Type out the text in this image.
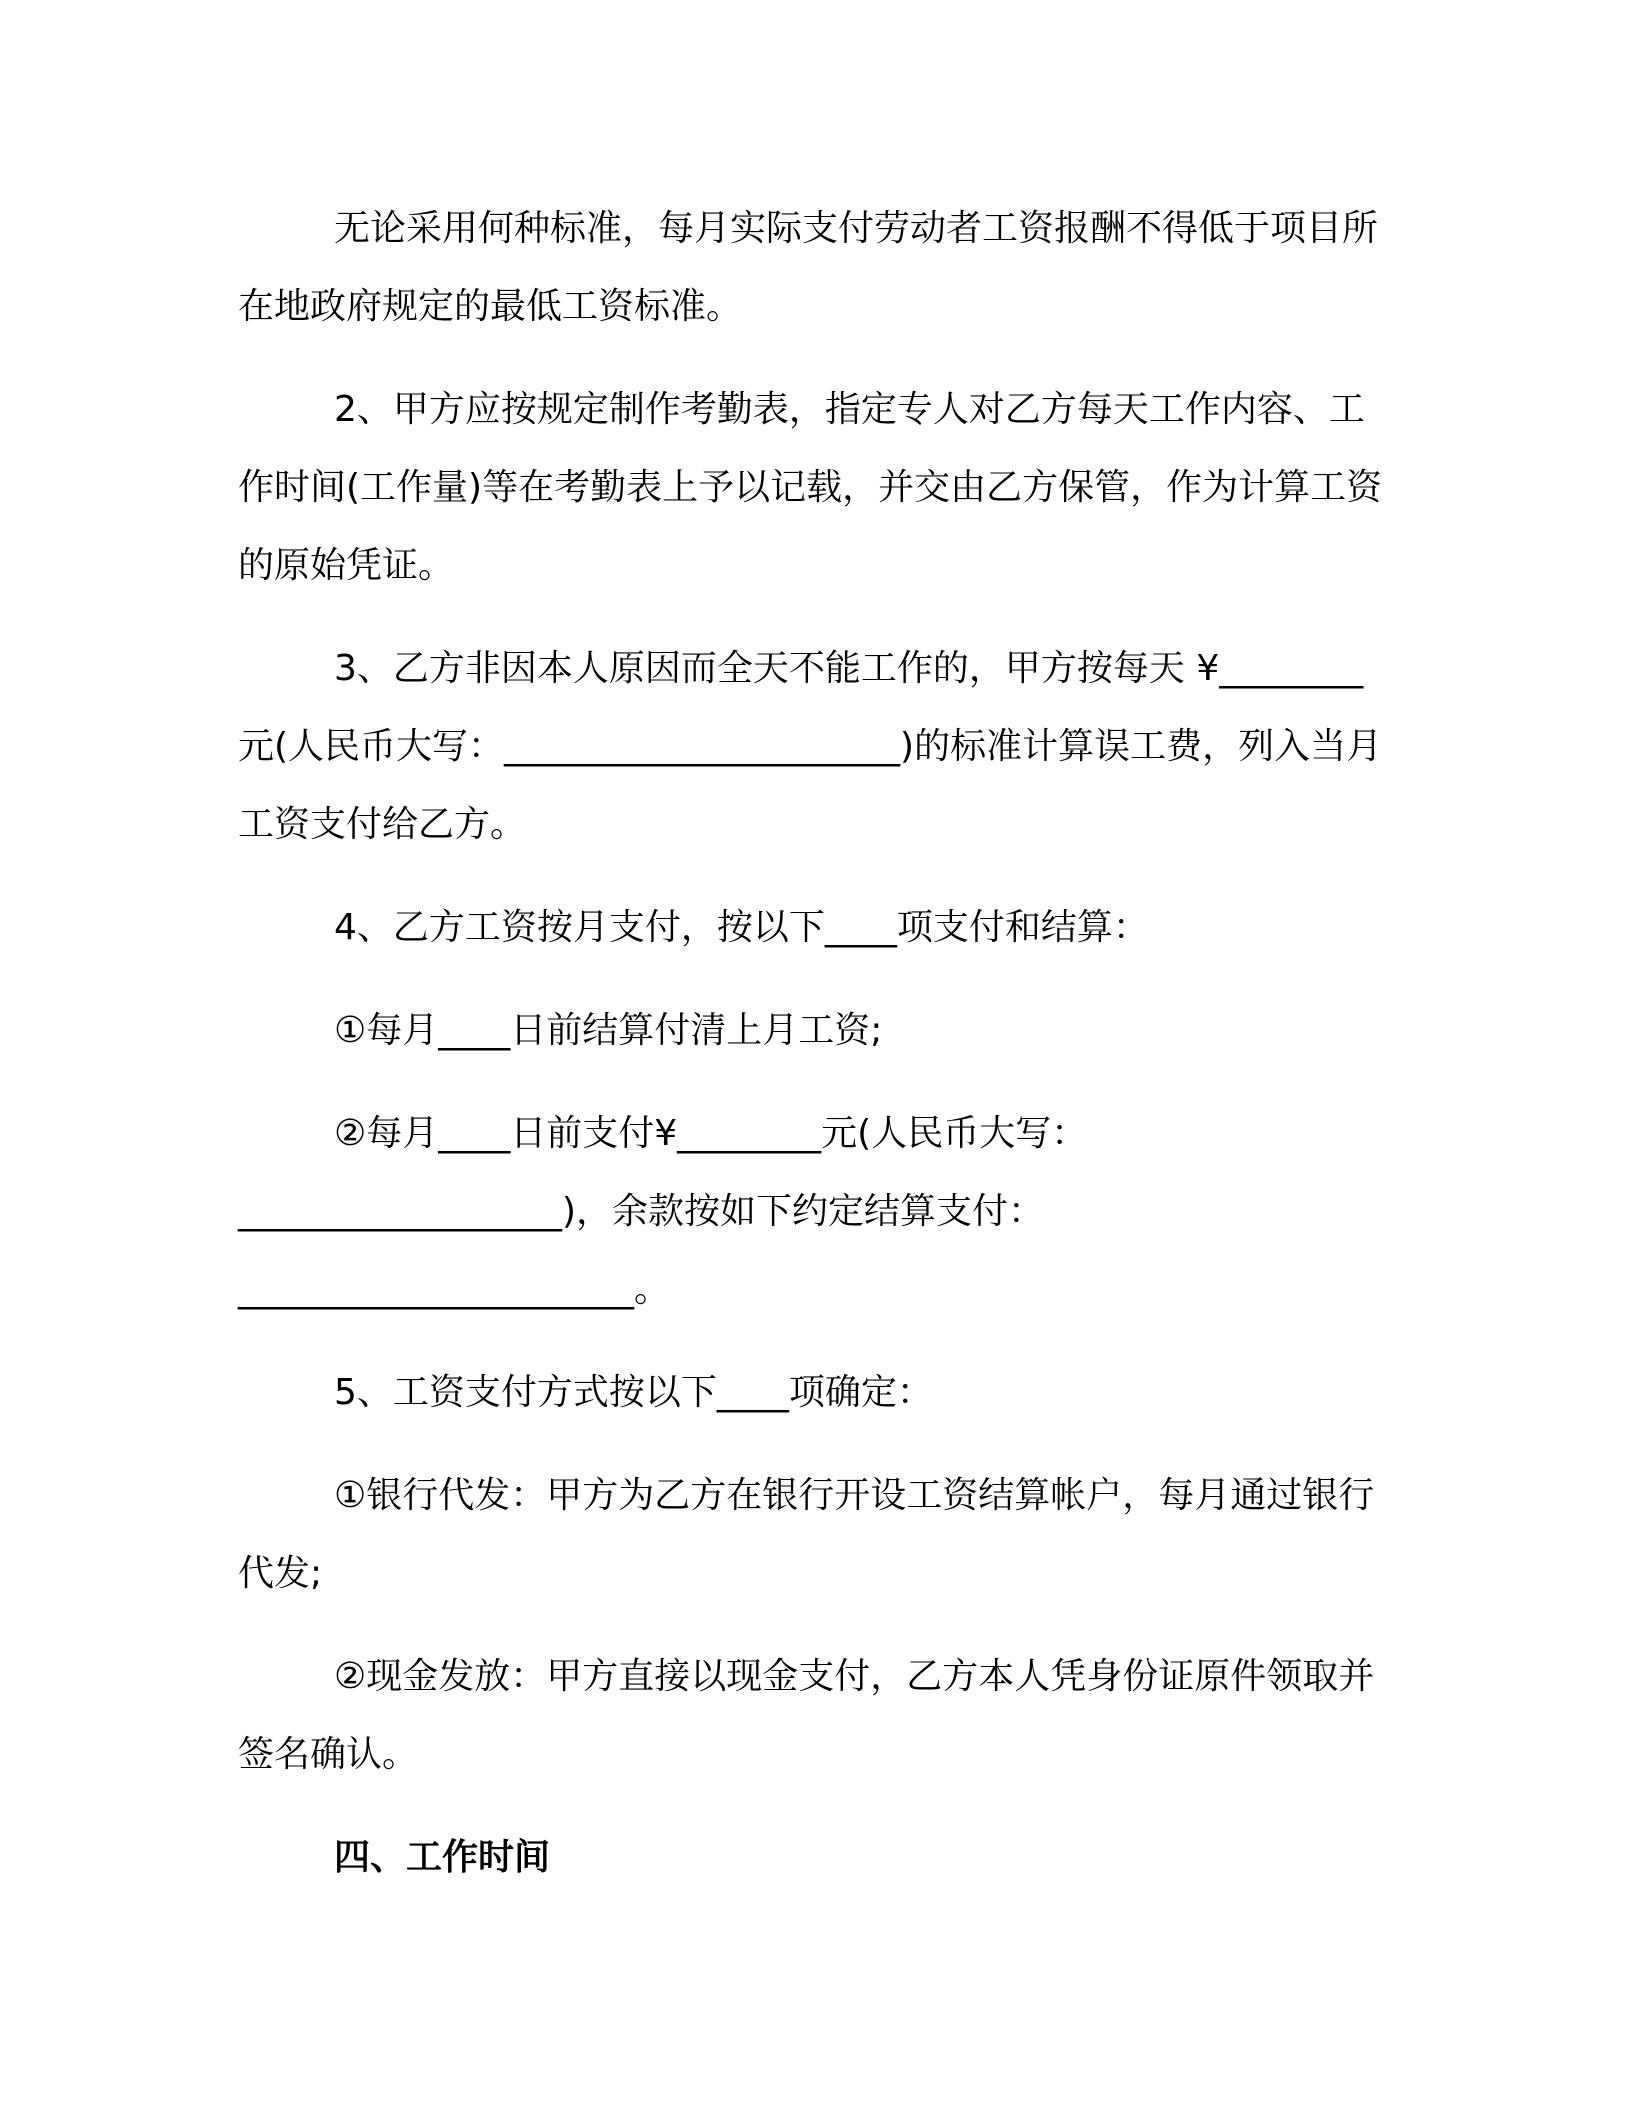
无论采用何种标准，每月实际支付劳动者工资报酬不得低于项目所在地政府规定的最低工资标准。

2、甲方应按规定制作考勤表，指定专人对乙方每天工作内容、工作时间(工作量)等在考勤表上予以记载，并交由乙方保管，作为计算工资的原始凭证。

3、乙方非因本人原因而全天不能工作的，甲方按每天 ¥________元(人民币大写：______________________)的标准计算误工费，列入当月工资支付给乙方。

4、乙方工资按月支付，按以下____项支付和结算：

①每月____日前结算付清上月工资;

②每月____日前支付¥________元(人民币大写：__________________)，余款按如下约定结算支付：______________________。

5、工资支付方式按以下____项确定：

①银行代发：甲方为乙方在银行开设工资结算帐户，每月通过银行代发;

②现金发放：甲方直接以现金支付，乙方本人凭身份证原件领取并签名确认。

四、工作时间
